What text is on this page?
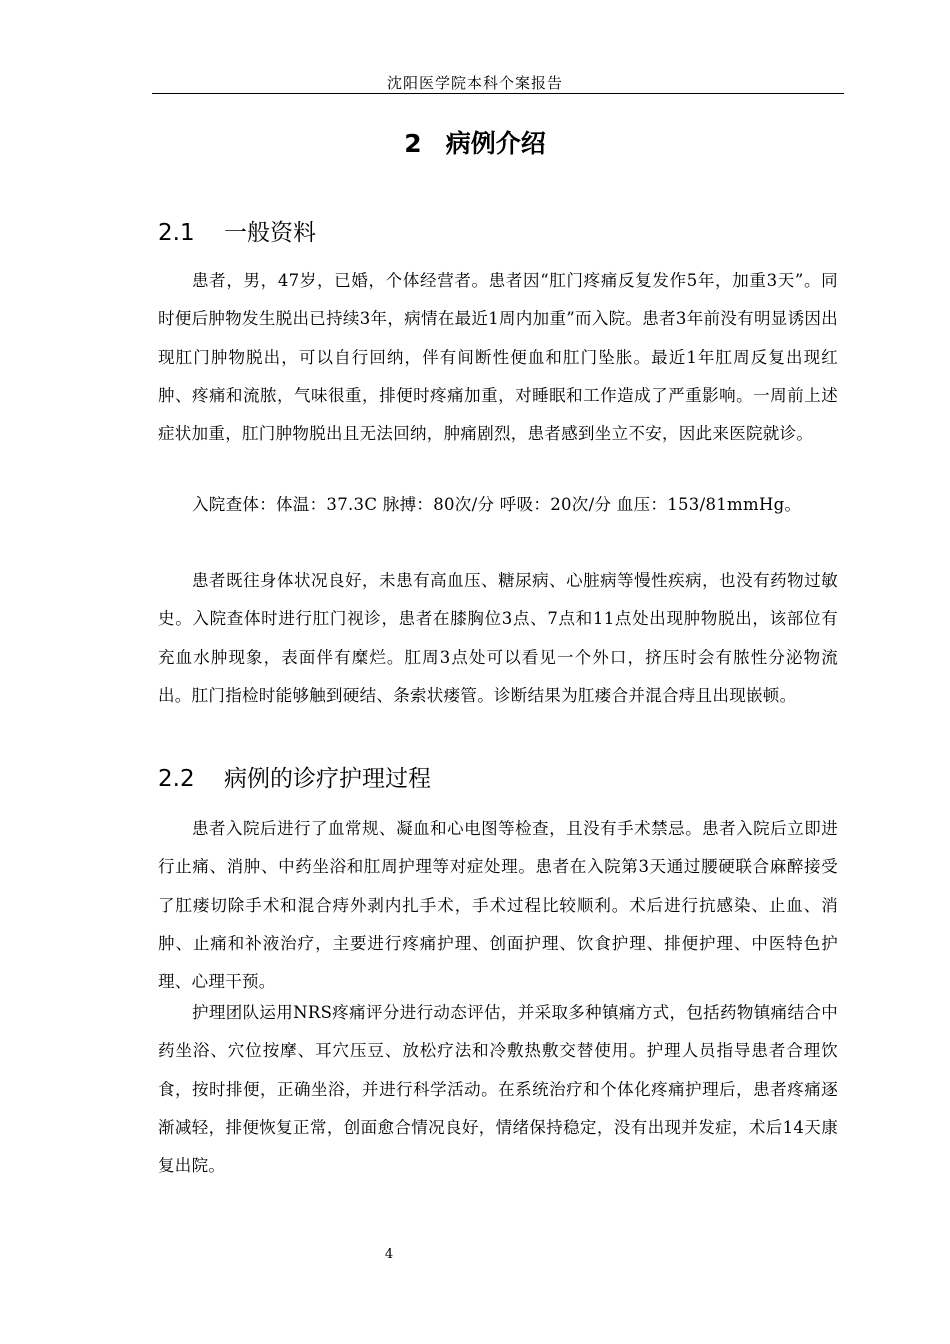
沈阳医学院本科个案报告
2 病例介绍
2.1 一般资料

患者，男，47岁，已婚，个体经营者。患者因“肛门疼痛反复发作5年，加重3天”。同时便后肿物发生脱出已持续3年，病情在最近1周内加重”而入院。患者3年前没有明显诱因出现肛门肿物脱出，可以自行回纳，伴有间断性便血和肛门坠胀。最近1年肛周反复出现红肿、疼痛和流脓，气味很重，排便时疼痛加重，对睡眠和工作造成了严重影响。一周前上述症状加重，肛门肿物脱出且无法回纳，肿痛剧烈，患者感到坐立不安，因此来医院就诊。

入院查体：体温：37.3C 脉搏：80次/分 呼吸：20次/分 血压：153/81mmHg。

患者既往身体状况良好，未患有高血压、糖尿病、心脏病等慢性疾病，也没有药物过敏史。入院查体时进行肛门视诊，患者在膝胸位3点、7点和11点处出现肿物脱出，该部位有充血水肿现象，表面伴有糜烂。肛周3点处可以看见一个外口，挤压时会有脓性分泌物流出。肛门指检时能够触到硬结、条索状瘘管。诊断结果为肛瘘合并混合痔且出现嵌顿。

2.2 病例的诊疗护理过程

患者入院后进行了血常规、凝血和心电图等检查，且没有手术禁忌。患者入院后立即进行止痛、消肿、中药坐浴和肛周护理等对症处理。患者在入院第3天通过腰硬联合麻醉接受了肛瘘切除手术和混合痔外剥内扎手术，手术过程比较顺利。术后进行抗感染、止血、消肿、止痛和补液治疗，主要进行疼痛护理、创面护理、饮食护理、排便护理、中医特色护理、心理干预。

护理团队运用NRS疼痛评分进行动态评估，并采取多种镇痛方式，包括药物镇痛结合中药坐浴、穴位按摩、耳穴压豆、放松疗法和冷敷热敷交替使用。护理人员指导患者合理饮食，按时排便，正确坐浴，并进行科学活动。在系统治疗和个体化疼痛护理后，患者疼痛逐渐减轻，排便恢复正常，创面愈合情况良好，情绪保持稳定，没有出现并发症，术后14天康复出院。

4
